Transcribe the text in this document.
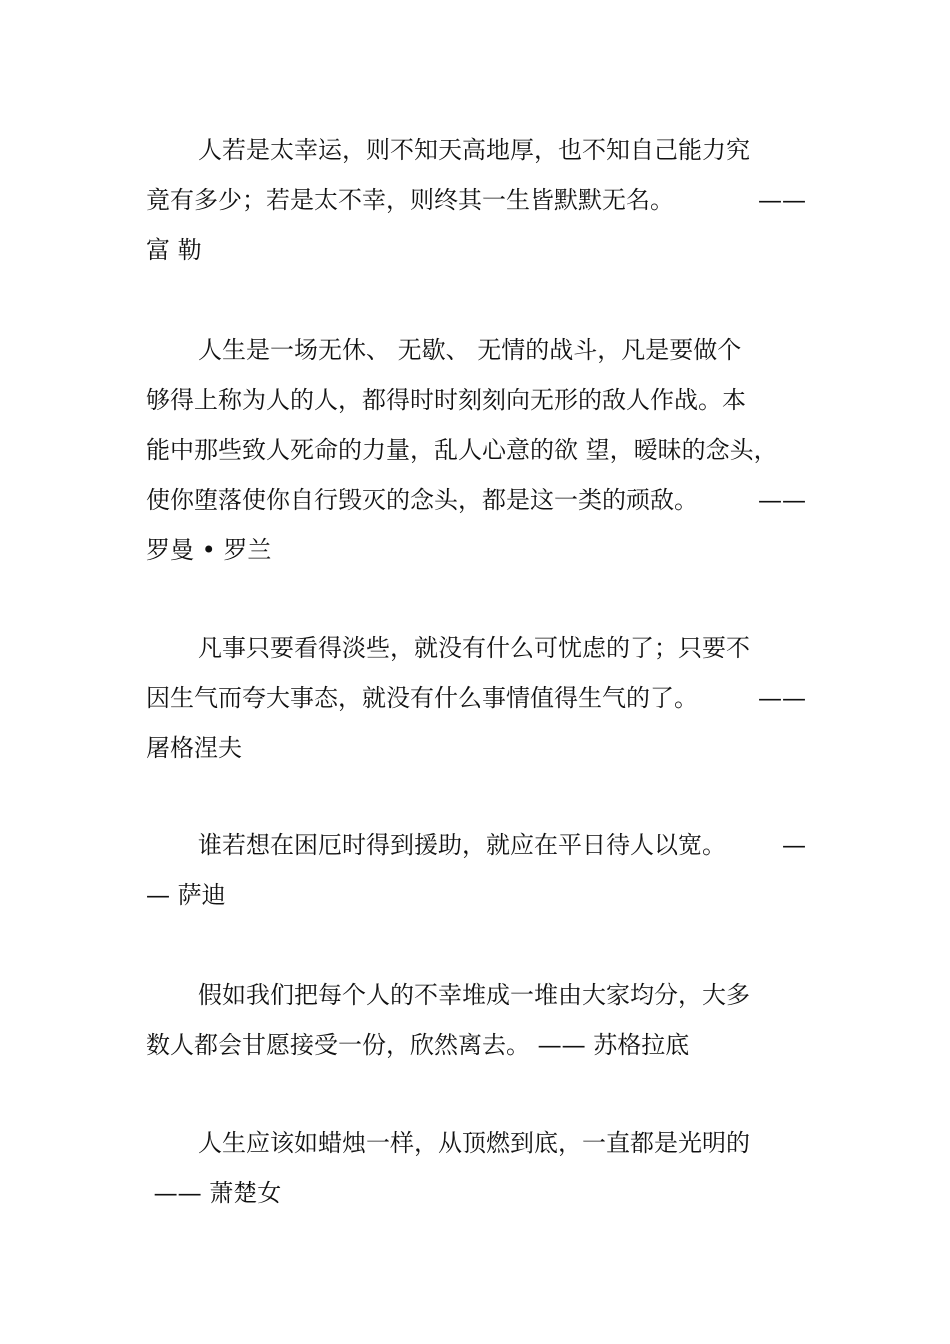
人若是太幸运，则不知天高地厚，也不知自己能力究
竟有多少；若是太不幸，则终其一生皆默默无名。	——
富 勒
人生是一场无休、 无歇、 无情的战斗，凡是要做个
够得上称为人的人，都得时时刻刻向无形的敌人作战。本
能中那些致人死命的力量，乱人心意的欲 望，暧昧的念头，
使你堕落使你自行毁灭的念头，都是这一类的顽敌。	——
罗曼 • 罗兰
凡事只要看得淡些，就没有什么可忧虑的了；只要不
因生气而夸大事态，就没有什么事情值得生气的了。	——
屠格涅夫
谁若想在困厄时得到援助，就应在平日待人以宽。 —
— 萨迪
假如我们把每个人的不幸堆成一堆由大家均分，大多
数人都会甘愿接受一份，欣然离去。 —— 苏格拉底
人生应该如蜡烛一样，从顶燃到底，一直都是光明的
—— 萧楚女
